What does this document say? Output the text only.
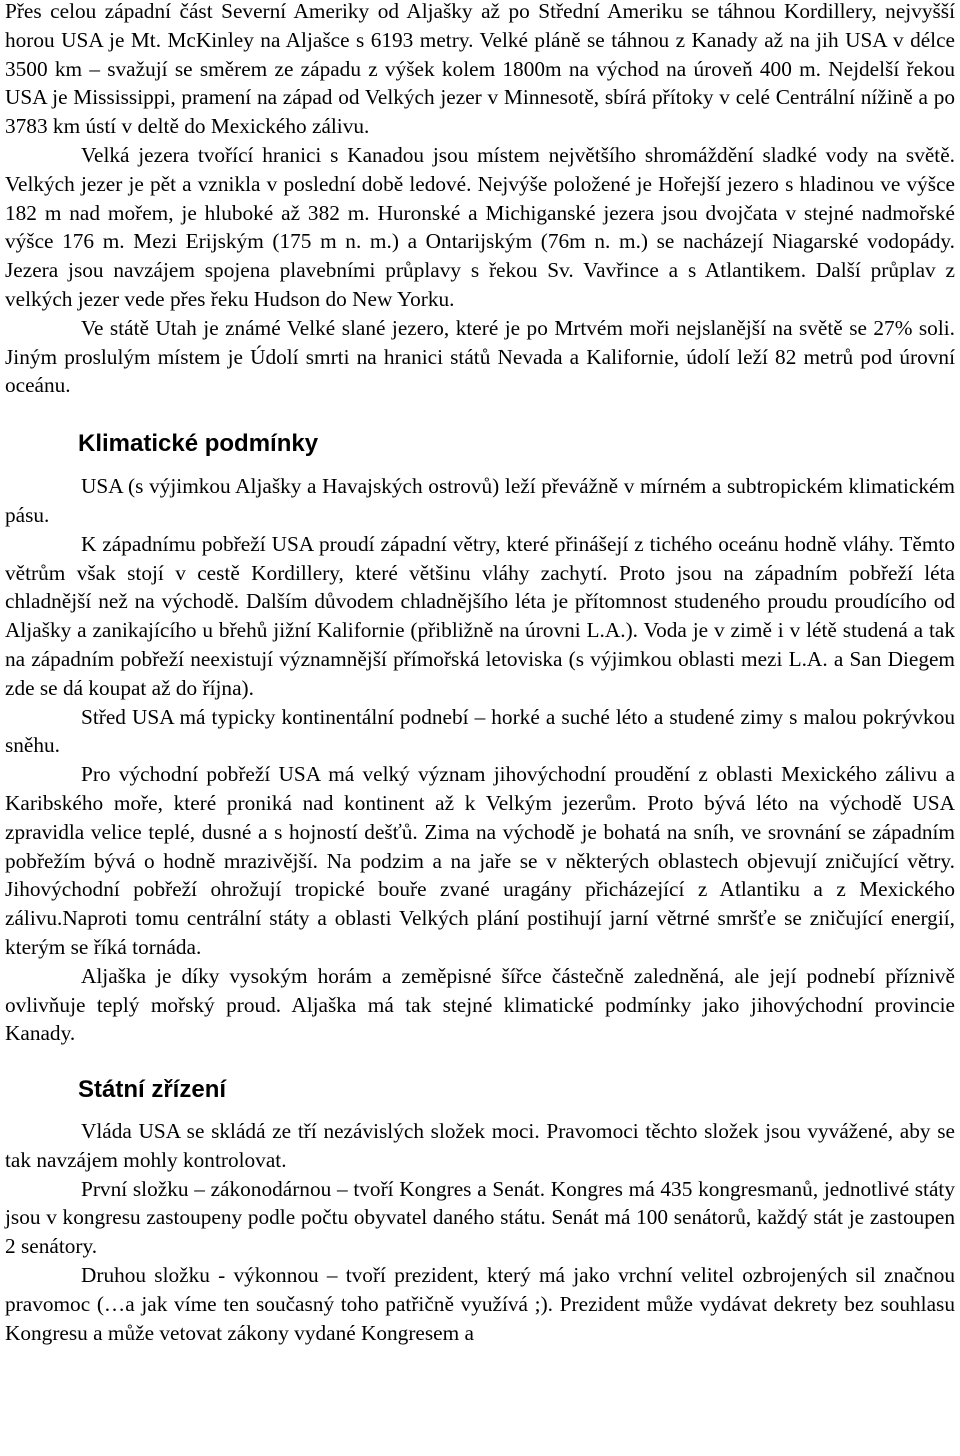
Přes celou západní část Severní Ameriky od Aljašky až po Střední Ameriku se táhnou Kordillery, nejvyšší horou USA je Mt. McKinley na Aljašce s 6193 metry. Velké pláně se táhnou z Kanady až na jih USA v délce 3500 km – svažují se směrem ze západu z výšek kolem 1800m na východ na úroveň 400 m. Nejdelší řekou USA je Mississippi, pramení na západ od Velkých jezer v Minnesotě, sbírá přítoky v celé Centrální nížině a po 3783 km ústí v deltě do Mexického zálivu.

Velká jezera tvořící hranici s Kanadou jsou místem největšího shromáždění sladké vody na světě. Velkých jezer je pět a vznikla v poslední době ledové. Nejvýše položené je Hořejší jezero s hladinou ve výšce 182 m nad mořem, je hluboké až 382 m. Huronské a Michiganské jezera jsou dvojčata v stejné nadmořské výšce 176 m. Mezi Erijským (175 m n. m.) a Ontarijským (76m n. m.) se nacházejí Niagarské vodopády. Jezera jsou navzájem spojena plavebními průplavy s řekou Sv. Vavřince a s Atlantikem. Další průplav z velkých jezer vede přes řeku Hudson do New Yorku.

Ve státě Utah je známé Velké slané jezero, které je po Mrtvém moři nejslanější na světě se 27% soli. Jiným proslulým místem je Údolí smrti na hranici států Nevada a Kalifornie, údolí leží 82 metrů pod úrovní oceánu.

Klimatické podmínky

USA (s výjimkou Aljašky a Havajských ostrovů) leží převážně v mírném a subtropickém klimatickém pásu.

K západnímu pobřeží USA proudí západní větry, které přinášejí z tichého oceánu hodně vláhy. Těmto větrům však stojí v cestě Kordillery, které většinu vláhy zachytí. Proto jsou na západním pobřeží léta chladnější než na východě. Dalším důvodem chladnějšího léta je přítomnost studeného proudu proudícího od Aljašky a zanikajícího u břehů jižní Kalifornie (přibližně na úrovni L.A.). Voda je v zimě i v létě studená a tak na západním pobřeží neexistují významnější přímořská letoviska (s výjimkou oblasti mezi L.A. a San Diegem zde se dá koupat až do října).

Střed USA má typicky kontinentální podnebí – horké a suché léto a studené zimy s malou pokrývkou sněhu.

Pro východní pobřeží USA má velký význam jihovýchodní proudění z oblasti Mexického zálivu a Karibského moře, které proniká nad kontinent až k Velkým jezerům. Proto bývá léto na východě USA zpravidla velice teplé, dusné a s hojností dešťů. Zima na východě je bohatá na sníh, ve srovnání se západním pobřežím bývá o hodně mrazivější. Na podzim a na jaře se v některých oblastech objevují zničující větry. Jihovýchodní pobřeží ohrožují tropické bouře zvané uragány přicházející z Atlantiku a z Mexického zálivu.Naproti tomu centrální státy a oblasti Velkých plání postihují jarní větrné smršťe se zničující energií, kterým se říká tornáda.

Aljaška je díky vysokým horám a zeměpisné šířce částečně zaledněná, ale její podnebí příznivě ovlivňuje teplý mořský proud. Aljaška má tak stejné klimatické podmínky jako jihovýchodní provincie Kanady.

Státní zřízení

Vláda USA se skládá ze tří nezávislých složek moci. Pravomoci těchto složek jsou vyvážené, aby se tak navzájem mohly kontrolovat.

První složku – zákonodárnou – tvoří Kongres a Senát. Kongres má 435 kongresmanů, jednotlivé státy jsou v kongresu zastoupeny podle počtu obyvatel daného státu. Senát má 100 senátorů, každý stát je zastoupen 2 senátory.

Druhou složku - výkonnou – tvoří prezident, který má jako vrchní velitel ozbrojených sil značnou pravomoc (…a jak víme ten současný toho patřičně využívá ;). Prezident může vydávat dekrety bez souhlasu Kongresu a může vetovat zákony vydané Kongresem a
